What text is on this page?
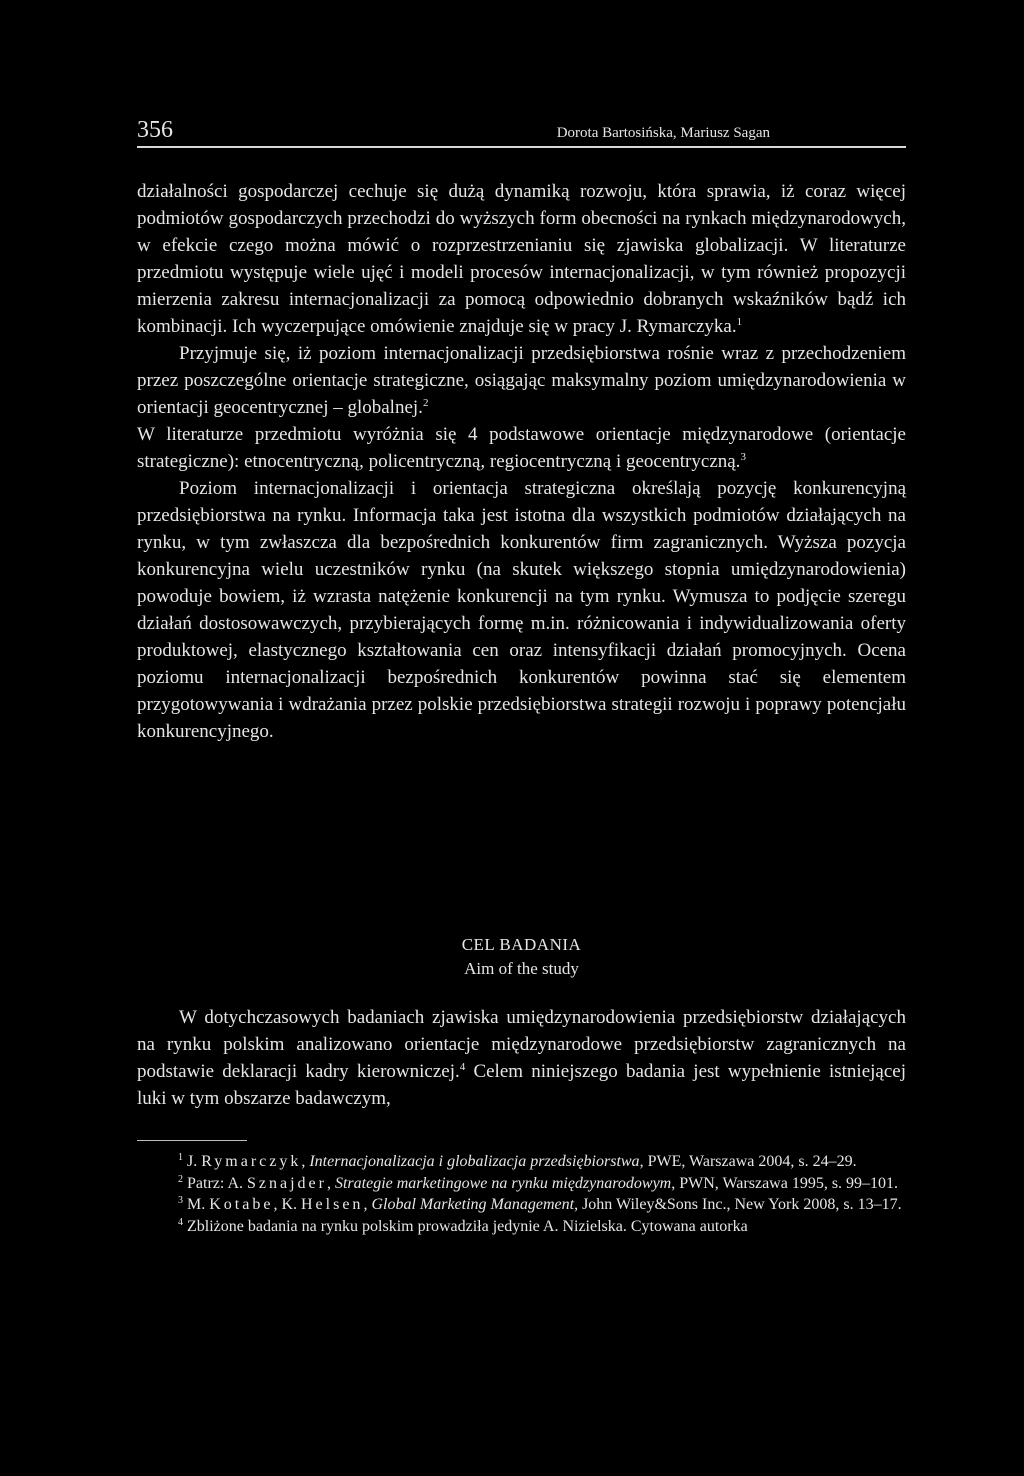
356	Dorota Bartosińska, Mariusz Sagan

działalności gospodarczej cechuje się dużą dynamiką rozwoju, która sprawia, iż coraz więcej podmiotów gospodarczych przechodzi do wyższych form obecności na rynkach międzynarodowych, w efekcie czego można mówić o rozprzestrzenianiu się zjawiska globalizacji. W literaturze przedmiotu występuje wiele ujęć i modeli procesów internacjonalizacji, w tym również propozycji mierzenia zakresu internacjonalizacji za pomocą odpowiednio dobranych wskaźników bądź ich kombinacji. Ich wyczerpujące omówienie znajduje się w pracy J. Rymarczyka.$^1$

Przyjmuje się, iż poziom internacjonalizacji przedsiębiorstwa rośnie wraz z przechodzeniem przez poszczególne orientacje strategiczne, osiągając maksymalny poziom umiędzynarodowienia w orientacji geocentrycznej – globalnej.$^2$

W literaturze przedmiotu wyróżnia się 4 podstawowe orientacje międzynarodowe (orientacje strategiczne): etnocentryczną, policentryczną, regiocentryczną i geocentryczną.$^3$

Poziom internacjonalizacji i orientacja strategiczna określają pozycję konkurencyjną przedsiębiorstwa na rynku. Informacja taka jest istotna dla wszystkich podmiotów działających na rynku, w tym zwłaszcza dla bezpośrednich konkurentów firm zagranicznych. Wyższa pozycja konkurencyjna wielu uczestników rynku (na skutek większego stopnia umiędzynarodowienia) powoduje bowiem, iż wzrasta natężenie konkurencji na tym rynku. Wymusza to podjęcie szeregu działań dostosowawczych, przybierających formę m.in. różnicowania i indywidualizowania oferty produktowej, elastycznego kształtowania cen oraz intensyfikacji działań promocyjnych. Ocena poziomu internacjonalizacji bezpośrednich konkurentów powinna stać się elementem przygotowywania i wdrażania przez polskie przedsiębiorstwa strategii rozwoju i poprawy potencjału konkurencyjnego.

CEL BADANIA
Aim of the study

W dotychczasowych badaniach zjawiska umiędzynarodowienia przedsiębiorstw działających na rynku polskim analizowano orientacje międzynarodowe przedsiębiorstw zagranicznych na podstawie deklaracji kadry kierowniczej.$^4$ Celem niniejszego badania jest wypełnienie istniejącej luki w tym obszarze badawczym,

$^1$ J. Rymarczyk, Internacjonalizacja i globalizacja przedsiębiorstwa, PWE, Warszawa 2004, s. 24–29.

$^2$ Patrz: A. Sznajder, Strategie marketingowe na rynku międzynarodowym, PWN, Warszawa 1995, s. 99–101.

$^3$ M. Kotabe, K. Helsen, Global Marketing Management, John Wiley&Sons Inc., New York 2008, s. 13–17.

$^4$ Zbliżone badania na rynku polskim prowadziła jedynie A. Nizielska. Cytowana autorka
